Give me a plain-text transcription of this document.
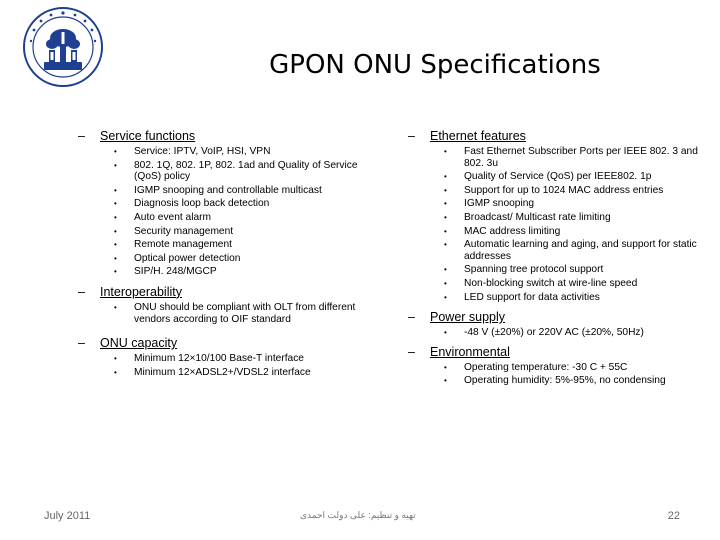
GPON ONU Specifications
–	Service functions
• Service: IPTV, VoIP, HSI, VPN
• 802. 1Q, 802. 1P, 802. 1ad and Quality of Service (QoS) policy
• IGMP snooping and controllable multicast
• Diagnosis loop back detection
• Auto event alarm
• Security management
• Remote management
• Optical power detection
• SIP/H. 248/MGCP
–	Interoperability
• ONU should be compliant with OLT from different vendors according to OIF standard
–	ONU capacity
• Minimum 12×10/100 Base-T interface
• Minimum 12×ADSL2+/VDSL2 interface
–	Ethernet features
• Fast Ethernet Subscriber Ports per IEEE 802. 3 and 802. 3u
• Quality of Service (QoS) per IEEE802. 1p
• Support for up to 1024 MAC address entries
• IGMP snooping
• Broadcast/ Multicast rate limiting
• MAC address limiting
• Automatic learning and aging, and support for static addresses
• Spanning tree protocol support
• Non-blocking switch at wire-line speed
• LED support for data activities
–	Power supply
• -48 V (±20%) or 220V AC (±20%, 50Hz)
–	Environmental
• Operating temperature: -30 C + 55C
• Operating humidity: 5%-95%, no condensing
July 2011	تهیه و تنظیم: علی دولت احمدی	22
